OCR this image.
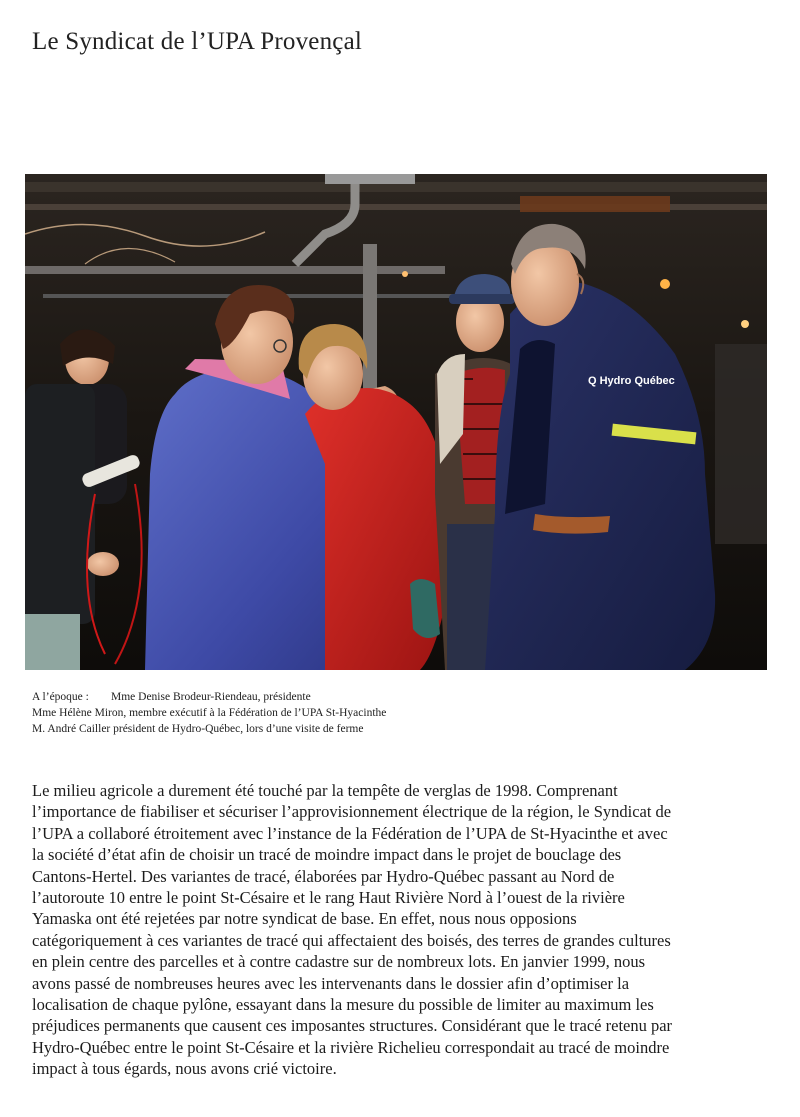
Le Syndicat de l’UPA Provençal
Q Hydro Québec
A l’époque : Mme Denise Brodeur-Riendeau, présidente
Mme Hélène Miron, membre exécutif à la Fédération de l’UPA St-Hyacinthe
M. André Cailler président de Hydro-Québec, lors d’une visite de ferme
Le milieu agricole a durement été touché par la tempête de verglas de 1998. Comprenant
l’importance de fiabiliser et sécuriser l’approvisionnement électrique de la région, le Syndicat de
l’UPA a collaboré étroitement avec l’instance de la Fédération de l’UPA de St-Hyacinthe et avec
la société d’état afin de choisir un tracé de moindre impact dans le projet de bouclage des
Cantons-Hertel. Des variantes de tracé, élaborées par Hydro-Québec passant au Nord de
l’autoroute 10 entre le point St-Césaire et le rang Haut Rivière Nord à l’ouest de la rivière
Yamaska ont été rejetées par notre syndicat de base. En effet, nous nous opposions
catégoriquement à ces variantes de tracé qui affectaient des boisés, des terres de grandes cultures
en plein centre des parcelles et à contre cadastre sur de nombreux lots. En janvier 1999, nous
avons passé de nombreuses heures avec les intervenants dans le dossier afin d’optimiser la
localisation de chaque pylône, essayant dans la mesure du possible de limiter au maximum les
préjudices permanents que causent ces imposantes structures. Considérant que le tracé retenu par
Hydro-Québec entre le point St-Césaire et la rivière Richelieu correspondait au tracé de moindre
impact à tous égards, nous avons crié victoire.
